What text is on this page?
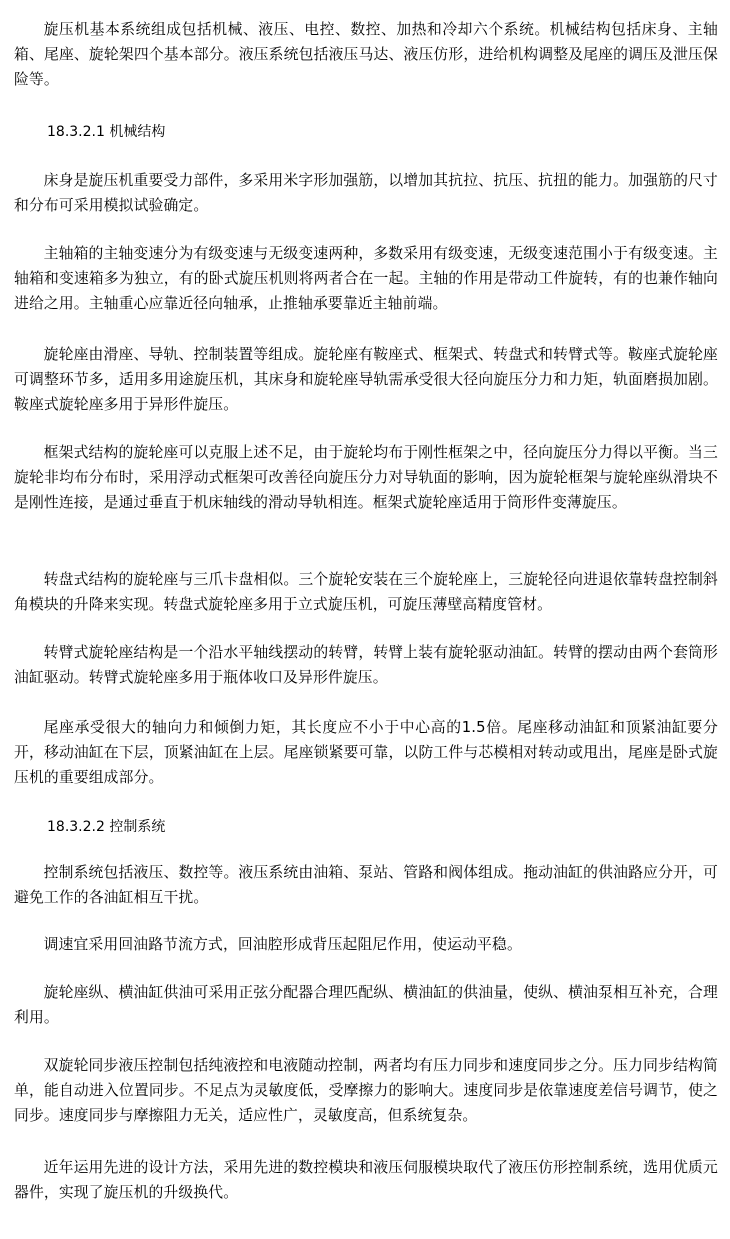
旋压机基本系统组成包括机械、液压、电控、数控、加热和冷却六个系统。机械结构包括床身、主轴箱、尾座、旋轮架四个基本部分。液压系统包括液压马达、液压仿形，进给机构调整及尾座的调压及泄压保险等。

18.3.2.1 机械结构

床身是旋压机重要受力部件，多采用米字形加强筋，以增加其抗拉、抗压、抗扭的能力。加强筋的尺寸和分布可采用模拟试验确定。

主轴箱的主轴变速分为有级变速与无级变速两种，多数采用有级变速，无级变速范围小于有级变速。主轴箱和变速箱多为独立，有的卧式旋压机则将两者合在一起。主轴的作用是带动工件旋转，有的也兼作轴向进给之用。主轴重心应靠近径向轴承，止推轴承要靠近主轴前端。

旋轮座由滑座、导轨、控制装置等组成。旋轮座有鞍座式、框架式、转盘式和转臂式等。鞍座式旋轮座可调整环节多，适用多用途旋压机，其床身和旋轮座导轨需承受很大径向旋压分力和力矩，轨面磨损加剧。鞍座式旋轮座多用于异形件旋压。

框架式结构的旋轮座可以克服上述不足，由于旋轮均布于刚性框架之中，径向旋压分力得以平衡。当三旋轮非均布分布时，采用浮动式框架可改善径向旋压分力对导轨面的影响，因为旋轮框架与旋轮座纵滑块不是刚性连接，是通过垂直于机床轴线的滑动导轨相连。框架式旋轮座适用于筒形件变薄旋压。

转盘式结构的旋轮座与三爪卡盘相似。三个旋轮安装在三个旋轮座上，三旋轮径向进退依靠转盘控制斜角模块的升降来实现。转盘式旋轮座多用于立式旋压机，可旋压薄壁高精度管材。

转臂式旋轮座结构是一个沿水平轴线摆动的转臂，转臂上装有旋轮驱动油缸。转臂的摆动由两个套筒形油缸驱动。转臂式旋轮座多用于瓶体收口及异形件旋压。

尾座承受很大的轴向力和倾倒力矩，其长度应不小于中心高的1.5倍。尾座移动油缸和顶紧油缸要分开，移动油缸在下层，顶紧油缸在上层。尾座锁紧要可靠，以防工件与芯模相对转动或甩出，尾座是卧式旋压机的重要组成部分。

18.3.2.2 控制系统

控制系统包括液压、数控等。液压系统由油箱、泵站、管路和阀体组成。拖动油缸的供油路应分开，可避免工作的各油缸相互干扰。

调速宜采用回油路节流方式，回油腔形成背压起阻尼作用，使运动平稳。

旋轮座纵、横油缸供油可采用正弦分配器合理匹配纵、横油缸的供油量，使纵、横油泵相互补充，合理利用。

双旋轮同步液压控制包括纯液控和电液随动控制，两者均有压力同步和速度同步之分。压力同步结构简单，能自动进入位置同步。不足点为灵敏度低，受摩擦力的影响大。速度同步是依靠速度差信号调节，使之同步。速度同步与摩擦阻力无关，适应性广，灵敏度高，但系统复杂。

近年运用先进的设计方法，采用先进的数控模块和液压伺服模块取代了液压仿形控制系统，选用优质元器件，实现了旋压机的升级换代。
